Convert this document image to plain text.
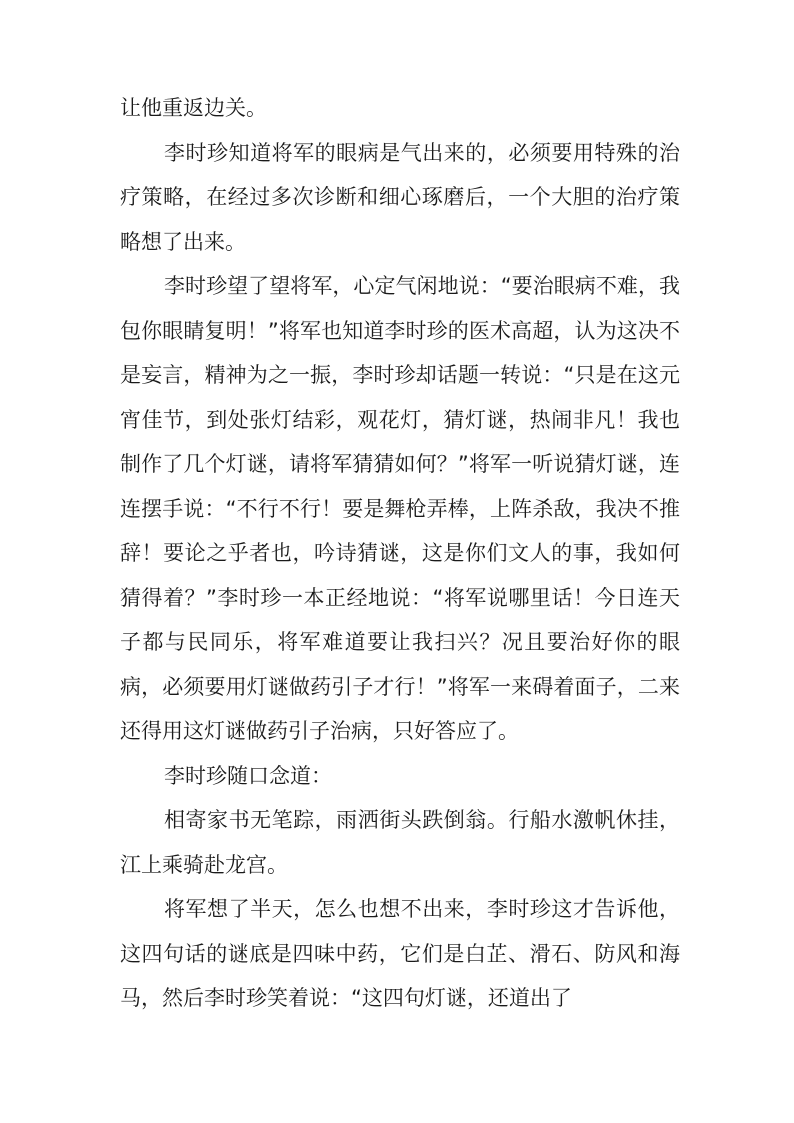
让他重返边关。

李时珍知道将军的眼病是气出来的，必须要用特殊的治疗策略，在经过多次诊断和细心琢磨后，一个大胆的治疗策略想了出来。

李时珍望了望将军，心定气闲地说：“要治眼病不难，我包你眼睛复明！”将军也知道李时珍的医术高超，认为这决不是妄言，精神为之一振，李时珍却话题一转说：“只是在这元宵佳节，到处张灯结彩，观花灯，猜灯谜，热闹非凡！我也制作了几个灯谜，请将军猜猜如何？”将军一听说猜灯谜，连连摆手说：“不行不行！要是舞枪弄棒，上阵杀敌，我决不推辞！要论之乎者也，吟诗猜谜，这是你们文人的事，我如何猜得着？”李时珍一本正经地说：“将军说哪里话！今日连天子都与民同乐，将军难道要让我扫兴？况且要治好你的眼病，必须要用灯谜做药引子才行！”将军一来碍着面子，二来还得用这灯谜做药引子治病，只好答应了。

李时珍随口念道：

相寄家书无笔踪，雨洒街头跌倒翁。行船水激帆休挂，江上乘骑赴龙宫。

将军想了半天，怎么也想不出来，李时珍这才告诉他，这四句话的谜底是四味中药，它们是白芷、滑石、防风和海马，然后李时珍笑着说：“这四句灯谜，还道出了
